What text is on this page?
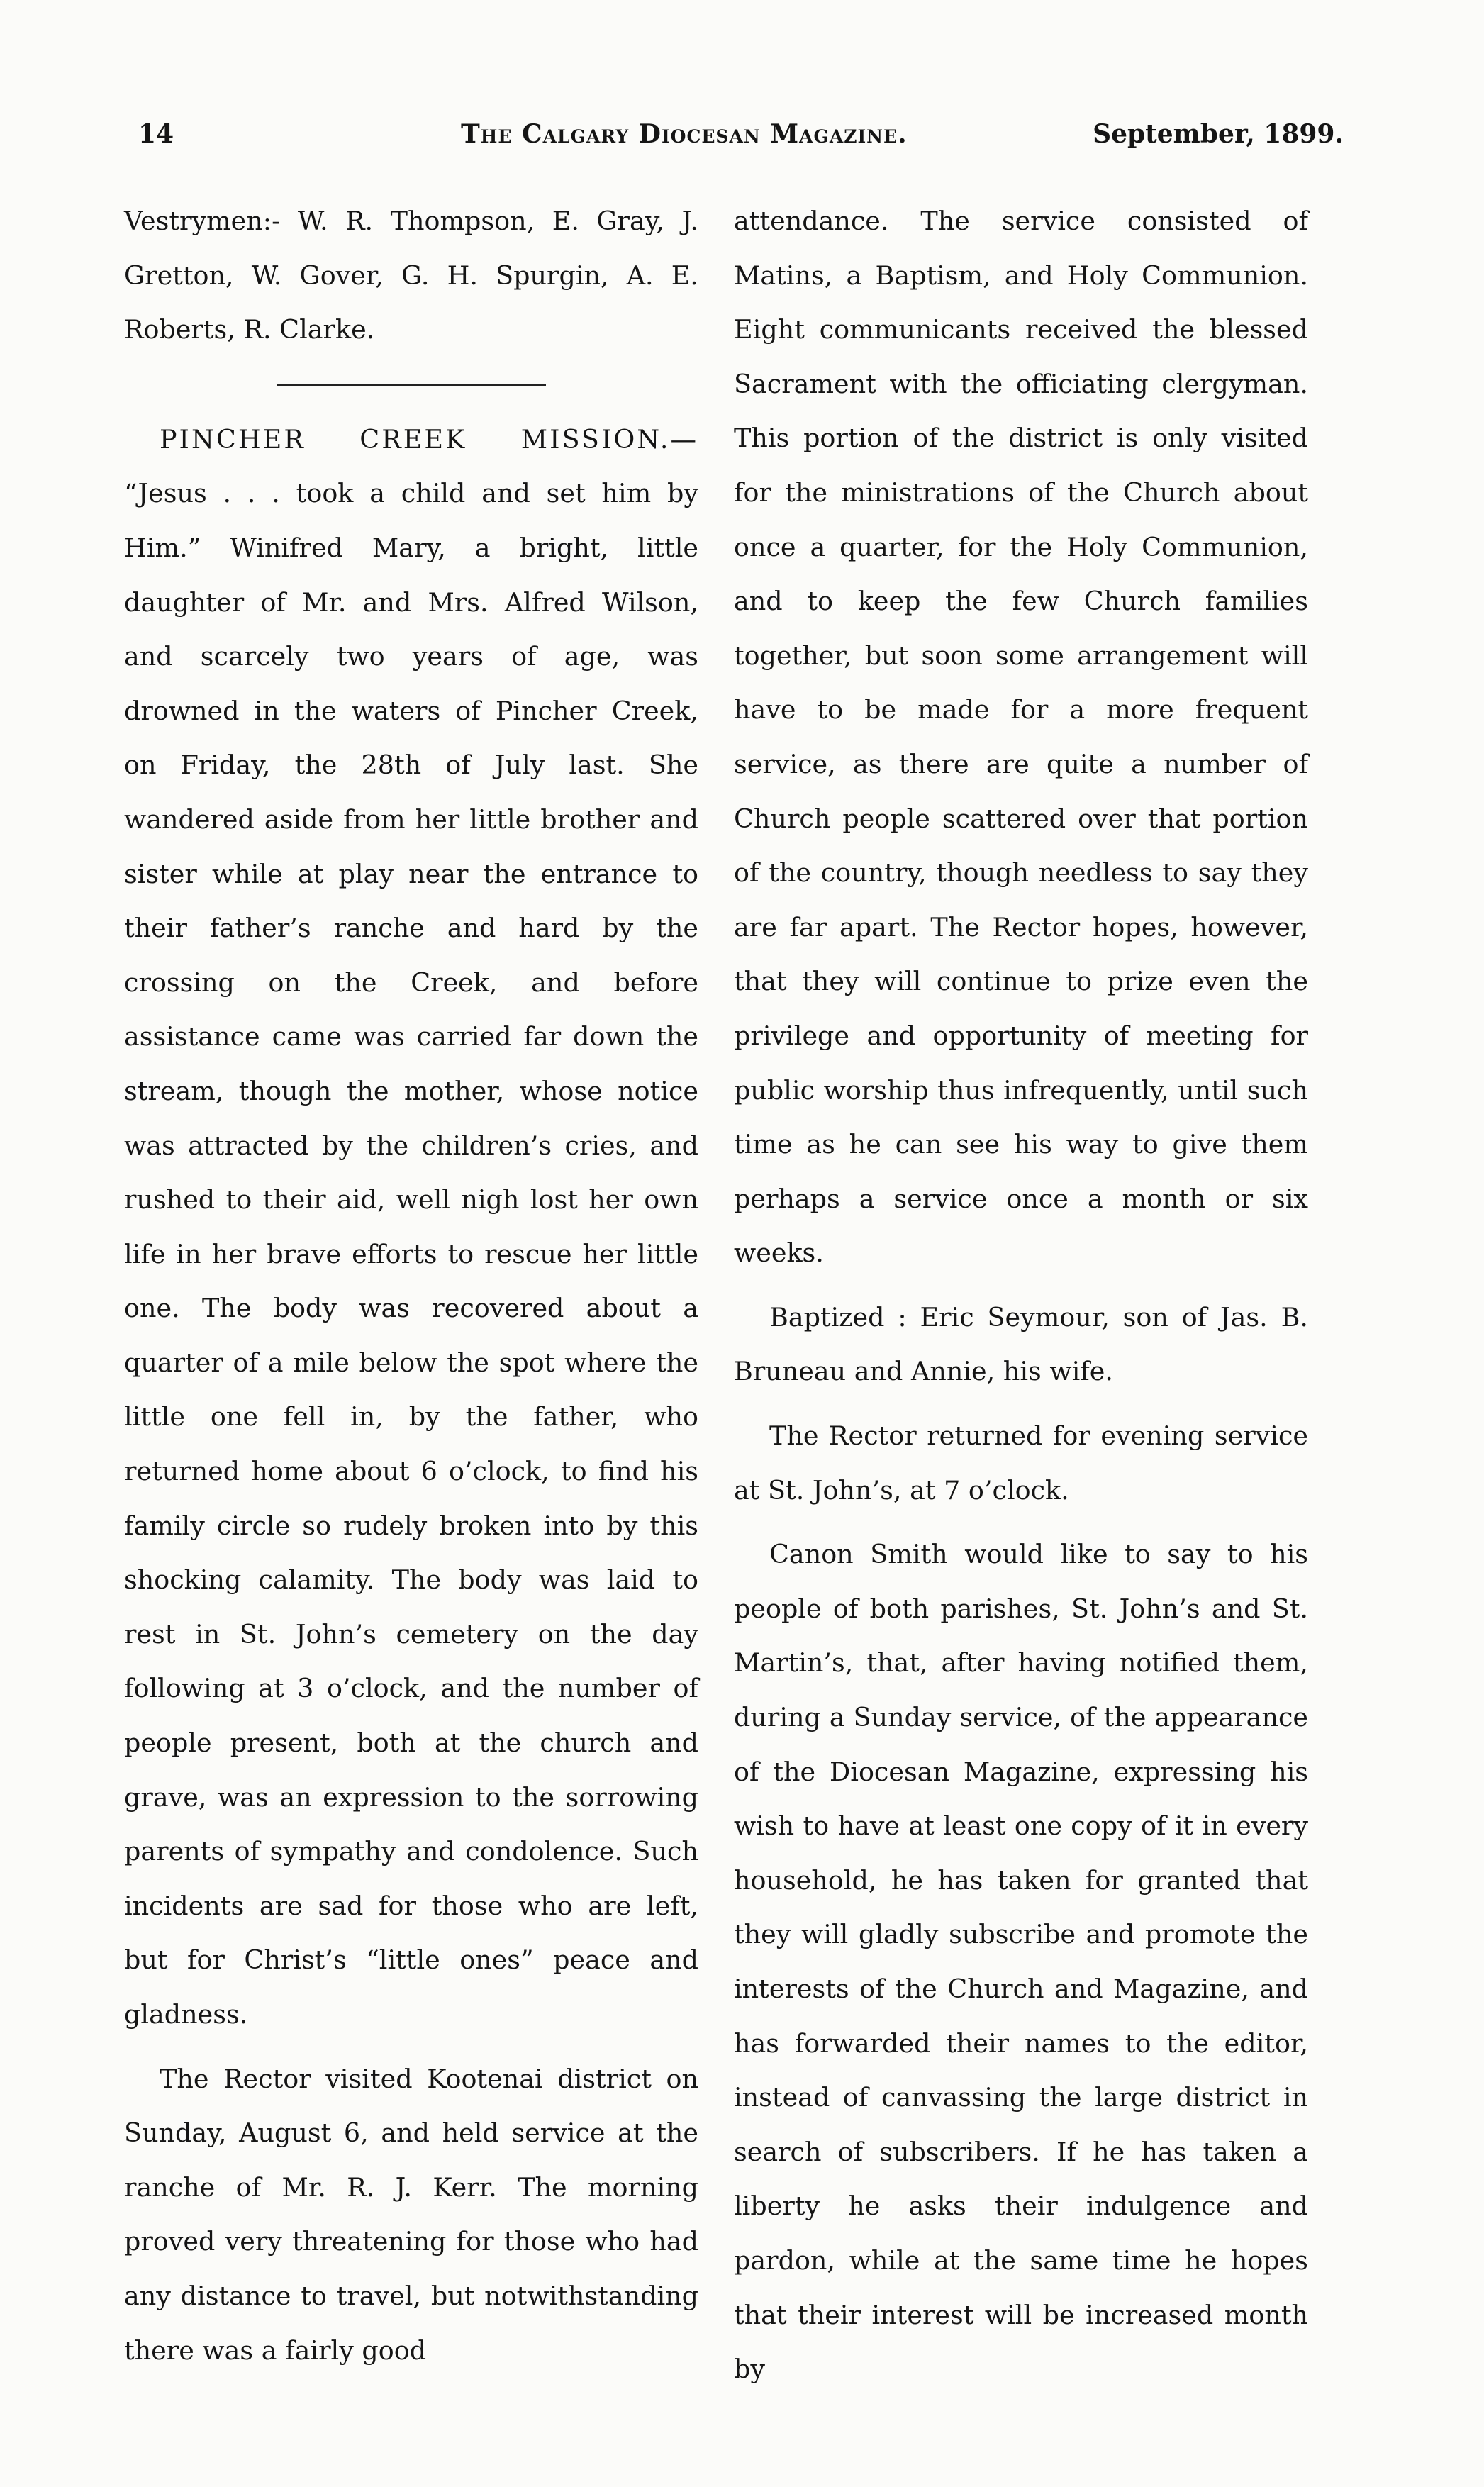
14	The Calgary Diocesan Magazine.	September, 1899.

Vestrymen:- W. R. Thompson, E. Gray, J. Gretton, W. Gover, G. H. Spurgin, A. E. Roberts, R. Clarke.

PINCHER CREEK MISSION.— “Jesus . . . took a child and set him by Him.” Winifred Mary, a bright, little daughter of Mr. and Mrs. Alfred Wilson, and scarcely two years of age, was drowned in the waters of Pincher Creek, on Friday, the 28th of July last. She wandered aside from her little brother and sister while at play near the entrance to their father’s ranche and hard by the crossing on the Creek, and before assistance came was carried far down the stream, though the mother, whose notice was attracted by the children’s cries, and rushed to their aid, well nigh lost her own life in her brave efforts to rescue her little one. The body was recovered about a quarter of a mile below the spot where the little one fell in, by the father, who returned home about 6 o’clock, to find his family circle so rudely broken into by this shocking calamity. The body was laid to rest in St. John’s cemetery on the day following at 3 o’clock, and the number of people present, both at the church and grave, was an expression to the sorrowing parents of sympathy and condolence. Such incidents are sad for those who are left, but for Christ’s “little ones” peace and gladness.

The Rector visited Kootenai district on Sunday, August 6, and held service at the ranche of Mr. R. J. Kerr. The morning proved very threatening for those who had any distance to travel, but notwithstanding there was a fairly good

attendance. The service consisted of Matins, a Baptism, and Holy Communion. Eight communicants received the blessed Sacrament with the officiating clergyman. This portion of the district is only visited for the ministrations of the Church about once a quarter, for the Holy Communion, and to keep the few Church families together, but soon some arrangement will have to be made for a more frequent service, as there are quite a number of Church people scattered over that portion of the country, though needless to say they are far apart. The Rector hopes, however, that they will continue to prize even the privilege and opportunity of meeting for public worship thus infrequently, until such time as he can see his way to give them perhaps a service once a month or six weeks.

Baptized : Eric Seymour, son of Jas. B. Bruneau and Annie, his wife.

The Rector returned for evening service at St. John’s, at 7 o’clock.

Canon Smith would like to say to his people of both parishes, St. John’s and St. Martin’s, that, after having notified them, during a Sunday service, of the appearance of the Diocesan Magazine, expressing his wish to have at least one copy of it in every household, he has taken for granted that they will gladly subscribe and promote the interests of the Church and Magazine, and has forwarded their names to the editor, instead of canvassing the large district in search of subscribers. If he has taken a liberty he asks their indulgence and pardon, while at the same time he hopes that their interest will be increased month by
